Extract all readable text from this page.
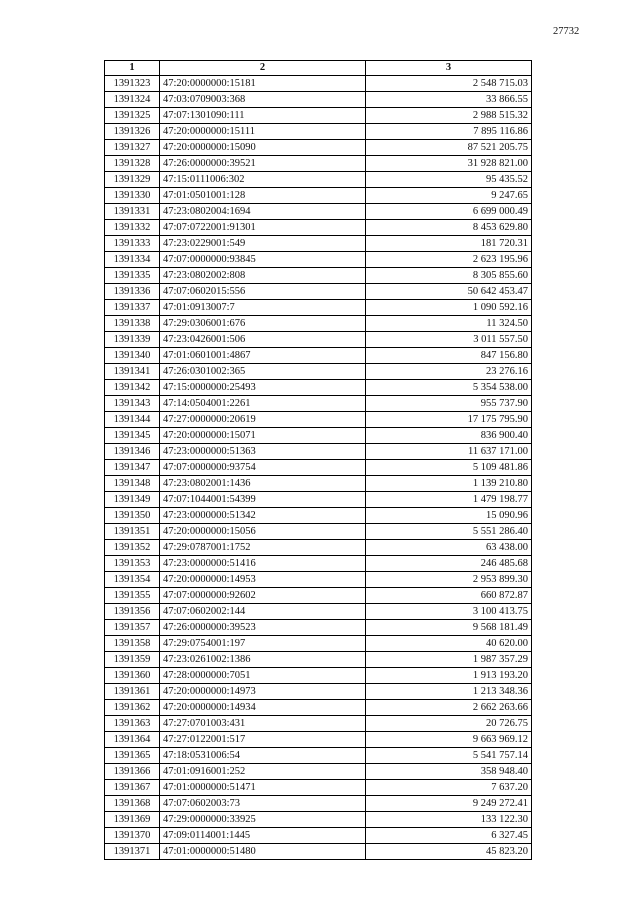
27732
1	2	3
1391323	47:20:0000000:15181	2 548 715.03
1391324	47:03:0709003:368	33 866.55
1391325	47:07:1301090:111	2 988 515.32
1391326	47:20:0000000:15111	7 895 116.86
1391327	47:20:0000000:15090	87 521 205.75
1391328	47:26:0000000:39521	31 928 821.00
1391329	47:15:0111006:302	95 435.52
1391330	47:01:0501001:128	9 247.65
1391331	47:23:0802004:1694	6 699 000.49
1391332	47:07:0722001:91301	8 453 629.80
1391333	47:23:0229001:549	181 720.31
1391334	47:07:0000000:93845	2 623 195.96
1391335	47:23:0802002:808	8 305 855.60
1391336	47:07:0602015:556	50 642 453.47
1391337	47:01:0913007:7	1 090 592.16
1391338	47:29:0306001:676	11 324.50
1391339	47:23:0426001:506	3 011 557.50
1391340	47:01:0601001:4867	847 156.80
1391341	47:26:0301002:365	23 276.16
1391342	47:15:0000000:25493	5 354 538.00
1391343	47:14:0504001:2261	955 737.90
1391344	47:27:0000000:20619	17 175 795.90
1391345	47:20:0000000:15071	836 900.40
1391346	47:23:0000000:51363	11 637 171.00
1391347	47:07:0000000:93754	5 109 481.86
1391348	47:23:0802001:1436	1 139 210.80
1391349	47:07:1044001:54399	1 479 198.77
1391350	47:23:0000000:51342	15 090.96
1391351	47:20:0000000:15056	5 551 286.40
1391352	47:29:0787001:1752	63 438.00
1391353	47:23:0000000:51416	246 485.68
1391354	47:20:0000000:14953	2 953 899.30
1391355	47:07:0000000:92602	660 872.87
1391356	47:07:0602002:144	3 100 413.75
1391357	47:26:0000000:39523	9 568 181.49
1391358	47:29:0754001:197	40 620.00
1391359	47:23:0261002:1386	1 987 357.29
1391360	47:28:0000000:7051	1 913 193.20
1391361	47:20:0000000:14973	1 213 348.36
1391362	47:20:0000000:14934	2 662 263.66
1391363	47:27:0701003:431	20 726.75
1391364	47:27:0122001:517	9 663 969.12
1391365	47:18:0531006:54	5 541 757.14
1391366	47:01:0916001:252	358 948.40
1391367	47:01:0000000:51471	7 637.20
1391368	47:07:0602003:73	9 249 272.41
1391369	47:29:0000000:33925	133 122.30
1391370	47:09:0114001:1445	6 327.45
1391371	47:01:0000000:51480	45 823.20
